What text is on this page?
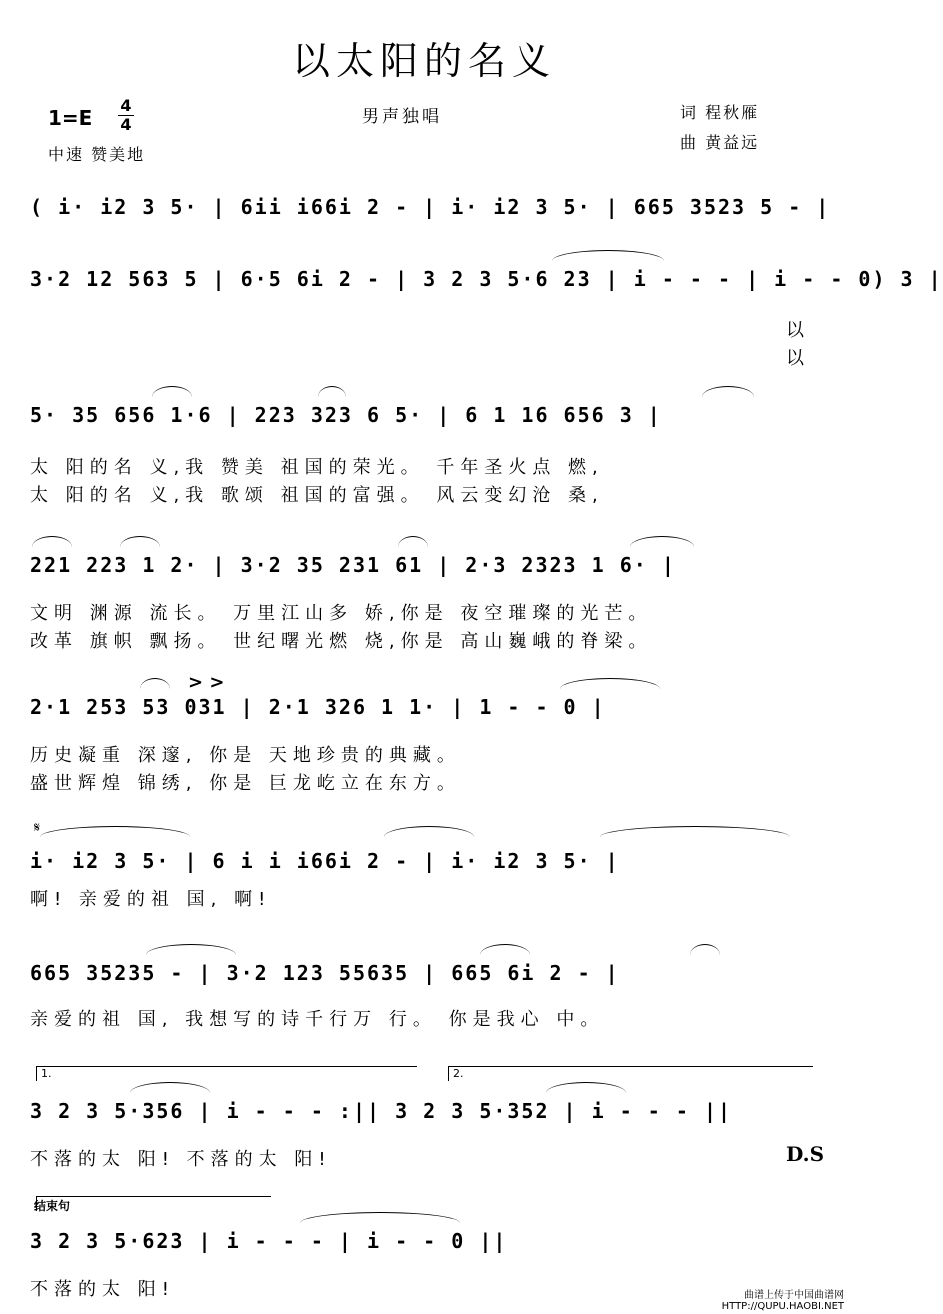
以太阳的名义
1=E
4
4
中速 赞美地
男声独唱	词 程秋雁
曲 黄益远
( i· i2 3 5· | 6ii i66i 2 - | i· i2 3 5· | 665 3523 5 - |
3·2 12 563 5 | 6·5 6i 2 - | 3 2 3 5·6 23 | i - - - | i - - 0) 3 |
以
以
5· 35 656 1·6 | 223 323 6 5· | 6 1 16 656 3 |
太 阳的名 义,我 赞美 祖国的荣光。 千年圣火点 燃,
太 阳的名 义,我 歌颂 祖国的富强。 风云变幻沧 桑,
221 223 1 2· | 3·2 35 231 61 | 2·3 2323 1 6· |
文明 渊源 流长。 万里江山多 娇,你是 夜空璀璨的光芒。
改革 旗帜 飘扬。 世纪曙光燃 烧,你是 高山巍峨的脊梁。
> >
2·1 253 53 031 | 2·1 326 1 1· | 1 - - 0 |
历史凝重 深邃, 你是 天地珍贵的典藏。
盛世辉煌 锦绣, 你是 巨龙屹立在东方。
𝄋
i· i2 3 5· | 6 i i i66i 2 - | i· i2 3 5· |
啊! 亲爱的祖 国, 啊!
665 35235 - | 3·2 123 55635 | 665 6i 2 - |
亲爱的祖 国, 我想写的诗千行万 行。 你是我心 中。
1.	2.
3 2 3 5·356 | i - - - :|| 3 2 3 5·352 | i - - - ||
不落的太 阳! 不落的太 阳!	D.S
结束句
3 2 3 5·623 | i - - - | i - - 0 ||
不落的太 阳!	曲谱上传于中国曲谱网
HTTP://QUPU.HAOBI.NET
